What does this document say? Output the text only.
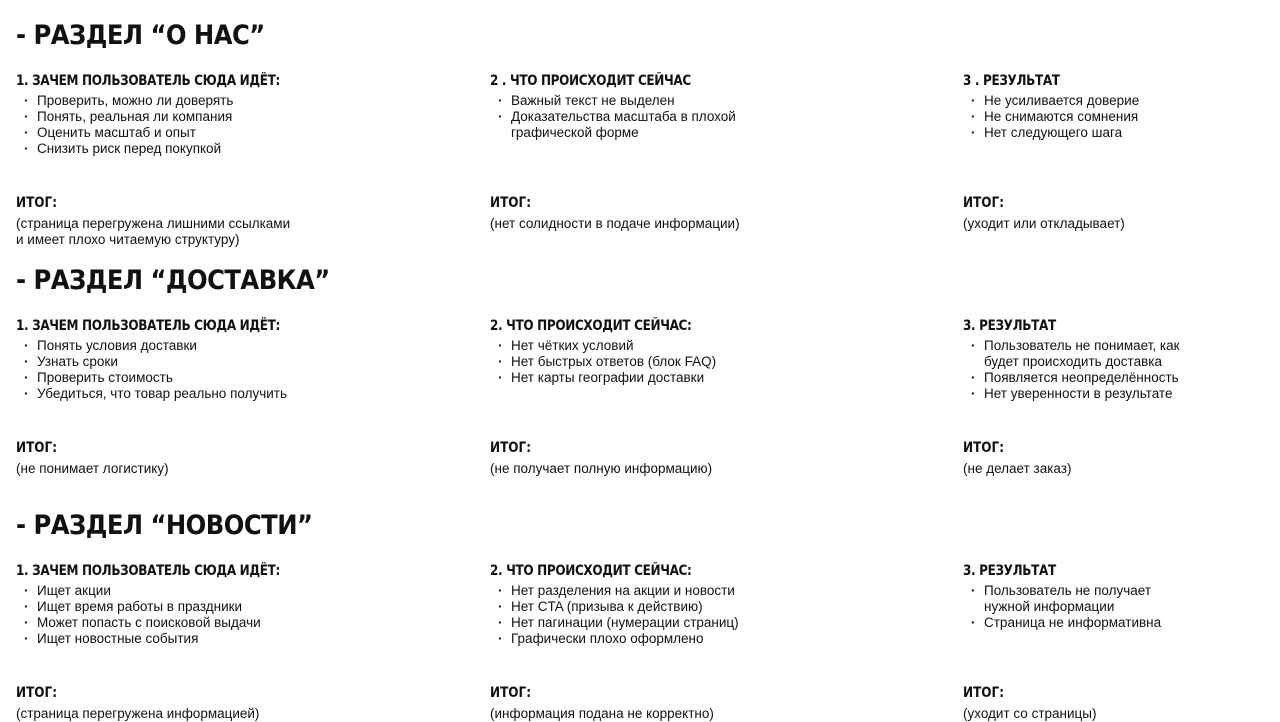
- РАЗДЕЛ “О НАС”
1. ЗАЧЕМ ПОЛЬЗОВАТЕЛЬ СЮДА ИДЁТ:
· Проверить, можно ли доверять
· Понять, реальная ли компания
· Оценить масштаб и опыт
· Снизить риск перед покупкой
ИТОГ:

(страница перегружена лишними ссылками
и имеет плохо читаемую структуру)

2 . ЧТО ПРОИСХОДИТ СЕЙЧАС
· Важный текст не выделен
· Доказательства масштаба в плохой
графической форме
ИТОГ:

(нет солидности в подаче информации)

3 . РЕЗУЛЬТАТ
· Не усиливается доверие
· Не снимаются сомнения
· Нет следующего шага
ИТОГ:

(уходит или откладывает)

- РАЗДЕЛ “ДОСТАВКА”
1. ЗАЧЕМ ПОЛЬЗОВАТЕЛЬ СЮДА ИДЁТ:
· Понять условия доставки
· Узнать сроки
· Проверить стоимость
· Убедиться, что товар реально получить
ИТОГ:

(не понимает логистику)

2. ЧТО ПРОИСХОДИТ СЕЙЧАС:
· Нет чётких условий
· Нет быстрых ответов (блок FAQ)
· Нет карты географии доставки
ИТОГ:

(не получает полную информацию)

3. РЕЗУЛЬТАТ
· Пользователь не понимает, как
будет происходить доставка
· Появляется неопределённость
· Нет уверенности в результате
ИТОГ:

(не делает заказ)

- РАЗДЕЛ “НОВОСТИ”
1. ЗАЧЕМ ПОЛЬЗОВАТЕЛЬ СЮДА ИДЁТ:
· Ищет акции
· Ищет время работы в праздники
· Может попасть с поисковой выдачи
· Ищет новостные события
ИТОГ:

(страница перегружена информацией)

2. ЧТО ПРОИСХОДИТ СЕЙЧАС:
· Нет разделения на акции и новости
· Нет CTA (призыва к действию)
· Нет пагинации (нумерации страниц)
· Графически плохо оформлено
ИТОГ:

(информация подана не корректно)

3. РЕЗУЛЬТАТ
· Пользователь не получает
нужной информации
· Страница не информативна
ИТОГ:

(уходит со страницы)
